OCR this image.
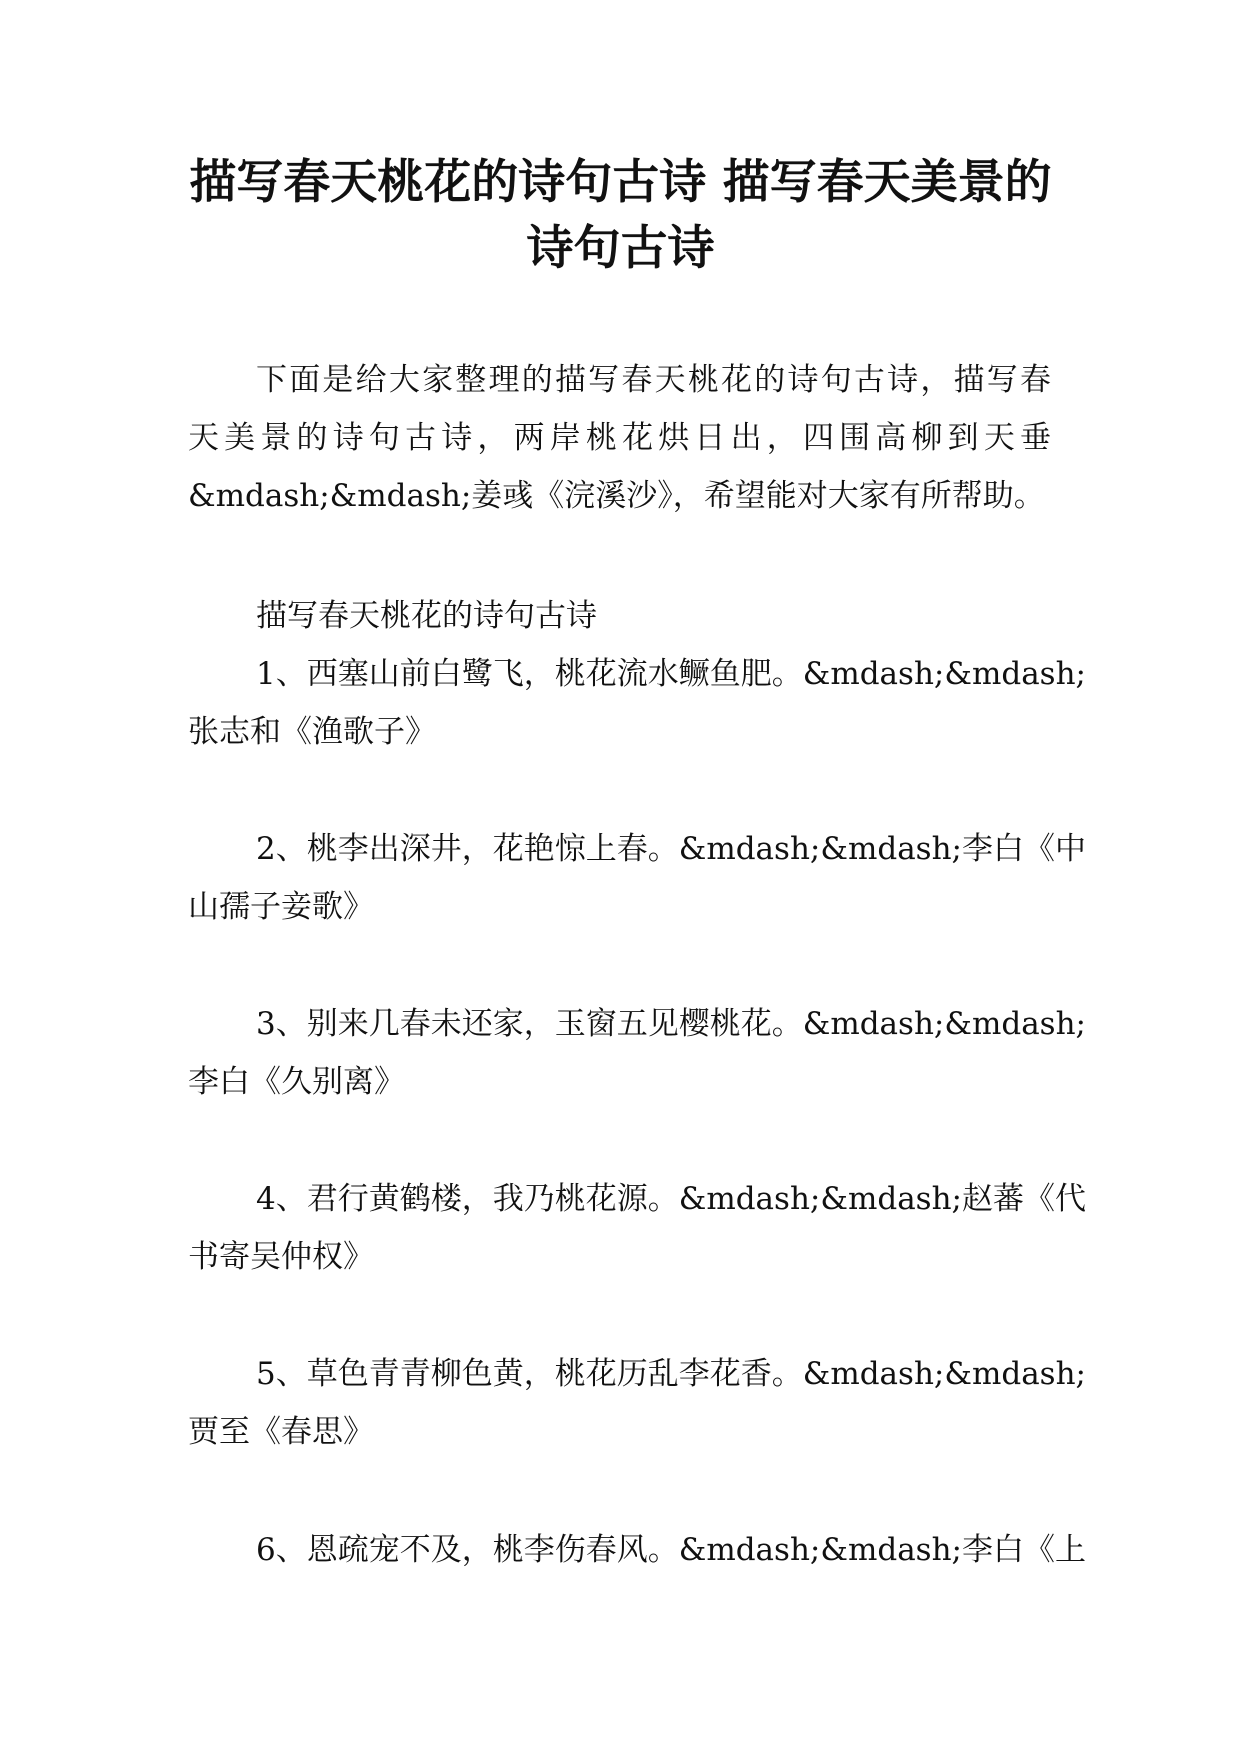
描写春天桃花的诗句古诗 描写春天美景的
诗句古诗
下面是给大家整理的描写春天桃花的诗句古诗，描写春
天美景的诗句古诗，两岸桃花烘日出，四围高柳到天垂
&mdash;&mdash;姜彧《浣溪沙》，希望能对大家有所帮助。
描写春天桃花的诗句古诗
1、西塞山前白鹭飞，桃花流水鳜鱼肥。&mdash;&mdash;
张志和《渔歌子》
2、桃李出深井，花艳惊上春。&mdash;&mdash;李白《中
山孺子妾歌》
3、别来几春未还家，玉窗五见樱桃花。&mdash;&mdash;
李白《久别离》
4、君行黄鹤楼，我乃桃花源。&mdash;&mdash;赵蕃《代
书寄吴仲权》
5、草色青青柳色黄，桃花历乱李花香。&mdash;&mdash;
贾至《春思》
6、恩疏宠不及，桃李伤春风。&mdash;&mdash;李白《上
